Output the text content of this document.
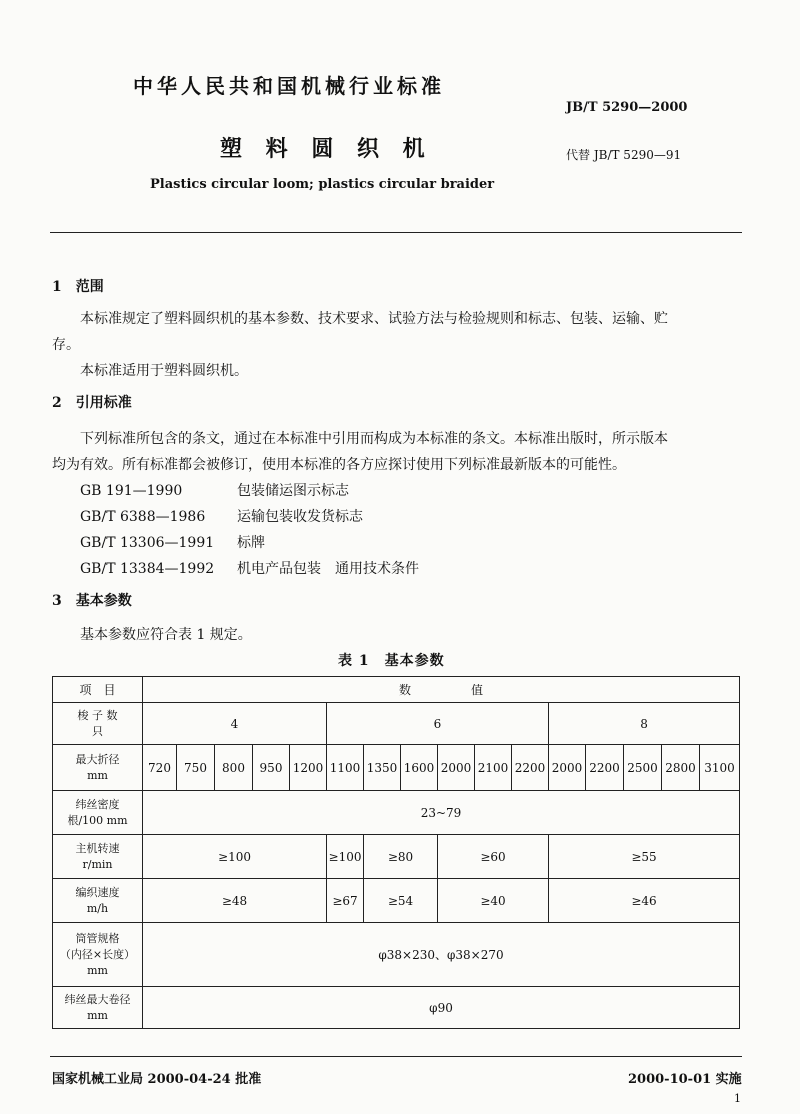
中华人民共和国机械行业标准
JB/T 5290—2000
塑 料 圆 织 机	代替 JB/T 5290—91
Plastics circular loom; plastics circular braider
1　范围
本标准规定了塑料圆织机的基本参数、技术要求、试验方法与检验规则和标志、包装、运输、贮
存。
本标准适用于塑料圆织机。
2　引用标准
下列标准所包含的条文，通过在本标准中引用而构成为本标准的条文。本标准出版时，所示版本
均为有效。所有标准都会被修订，使用本标准的各方应探讨使用下列标准最新版本的可能性。
GB 191—1990	包装储运图示标志
GB/T 6388—1986 运输包装收发货标志
GB/T 13306—1991 标牌
GB/T 13384—1992 机电产品包装　通用技术条件
3　基本参数
基本参数应符合表 1 规定。
表 1　基本参数
项　目	数　　　　　值															

梭 子 数
只	4					6						8				

最大折径
mm	720	750	800	950	1200	1100	1350	1600	2000	2100	2200	2000	2200	2500	2800	3100

纬丝密度
根/100 mm	23~79															

主机转速
r/min	≥100					≥100	≥80		≥60			≥55				

编织速度
m/h	≥48					≥67	≥54		≥40			≥46				

筒管规格
（内径×长度）
mm	φ38×230、φ38×270															

纬丝最大卷径
mm	φ90															
国家机械工业局 2000-04-24 批准	2000-10-01 实施
1
